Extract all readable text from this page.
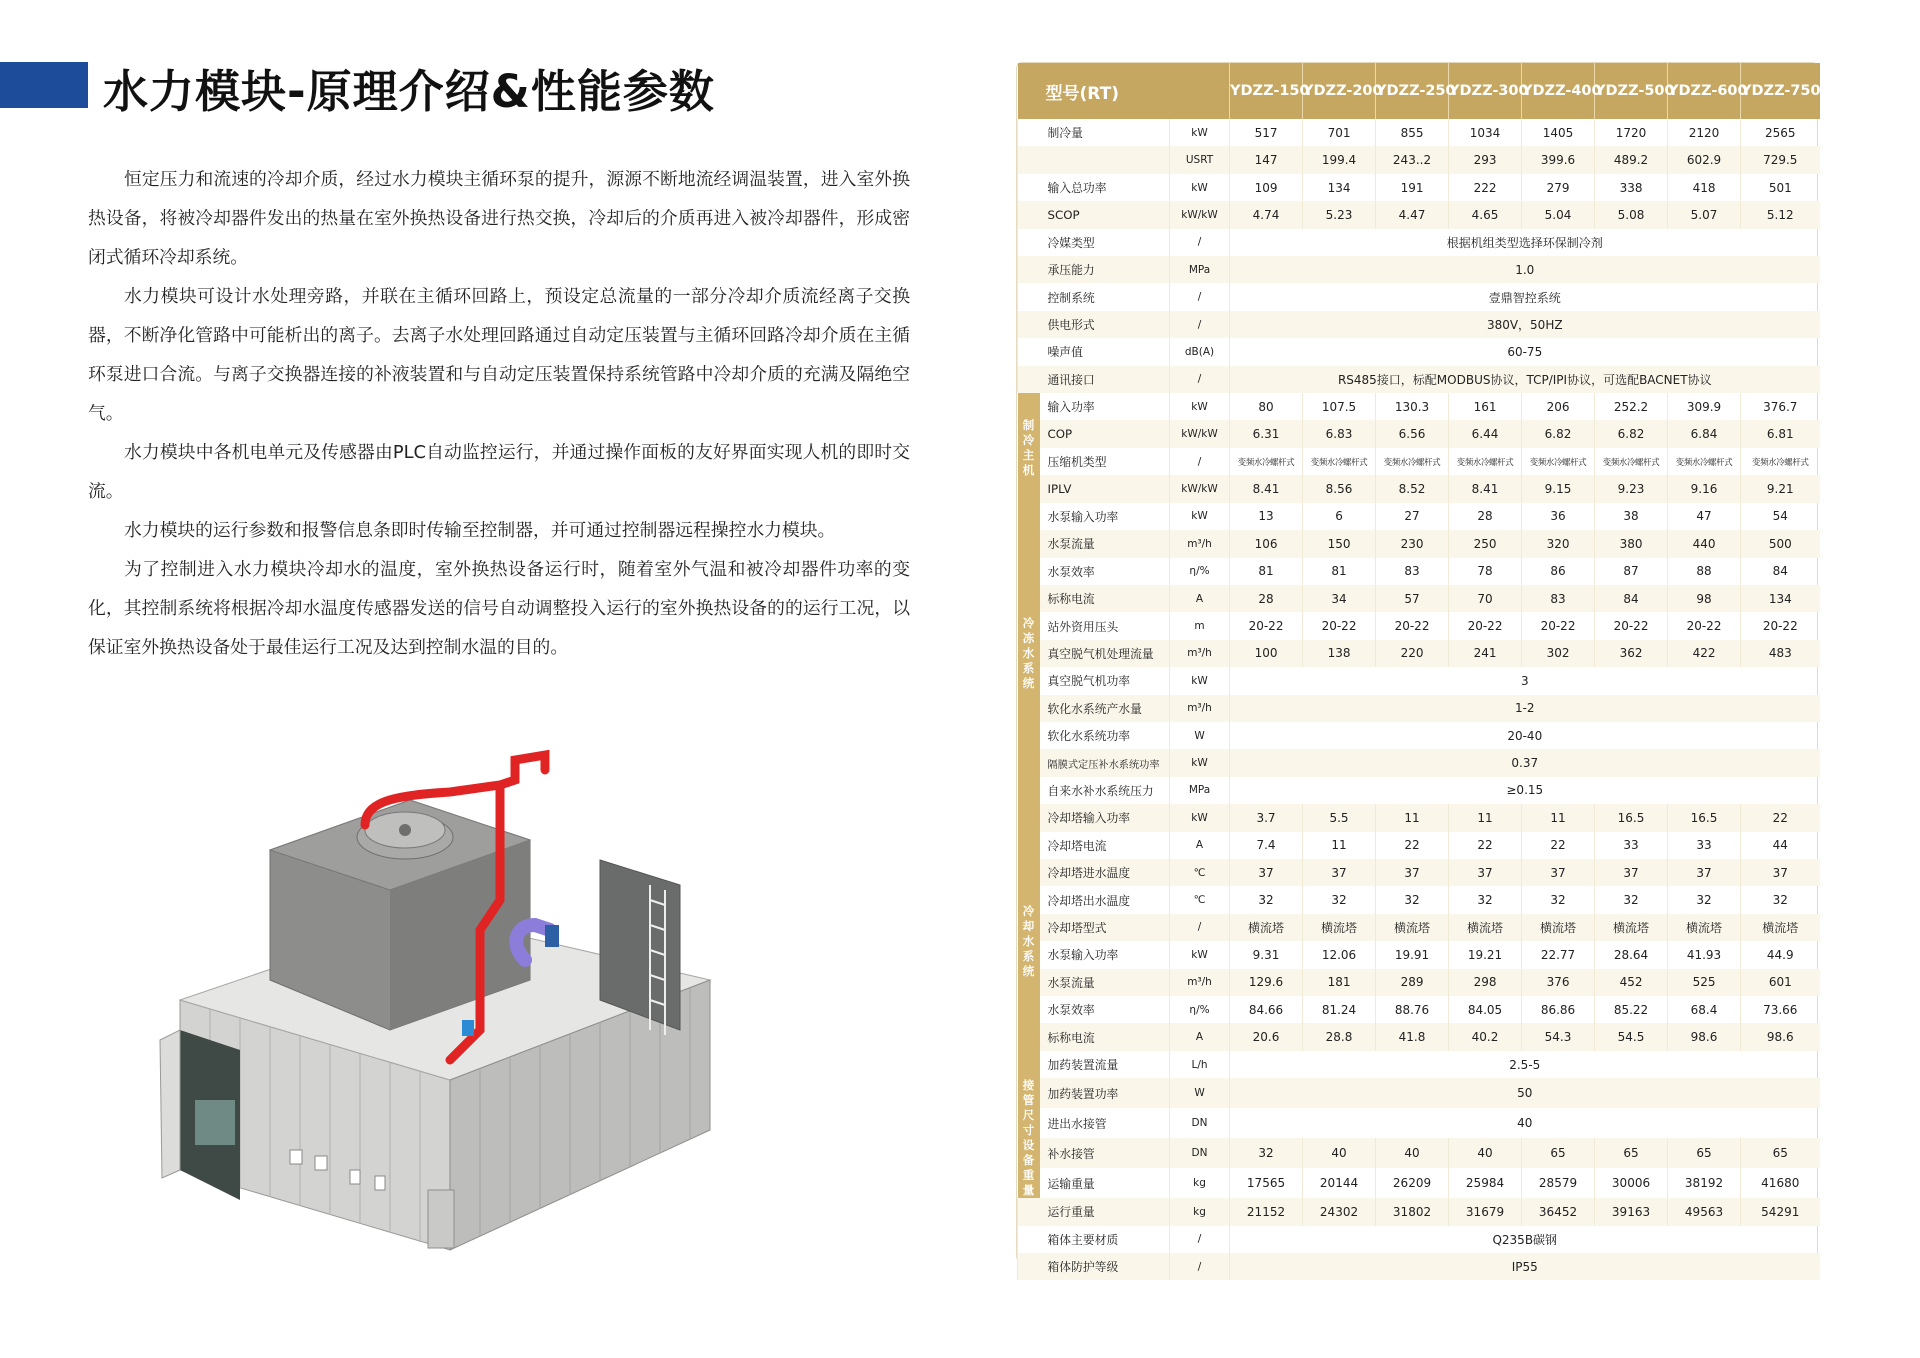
水力模块-原理介绍&性能参数

恒定压力和流速的冷却介质，经过水力模块主循环泵的提升，源源不断地流经调温装置，进入室外换热设备，将被冷却器件发出的热量在室外换热设备进行热交换，冷却后的介质再进入被冷却器件，形成密闭式循环冷却系统。

水力模块可设计水处理旁路，并联在主循环回路上，预设定总流量的一部分冷却介质流经离子交换器，不断净化管路中可能析出的离子。去离子水处理回路通过自动定压装置与主循环回路冷却介质在主循环泵进口合流。与离子交换器连接的补液装置和与自动定压装置保持系统管路中冷却介质的充满及隔绝空气。

水力模块中各机电单元及传感器由PLC自动监控运行，并通过操作面板的友好界面实现人机的即时交流。

水力模块的运行参数和报警信息条即时传输至控制器，并可通过控制器远程操控水力模块。

为了控制进入水力模块冷却水的温度，室外换热设备运行时，随着室外气温和被冷却器件功率的变化，其控制系统将根据冷却水温度传感器发送的信号自动调整投入运行的室外换热设备的的运行工况，以保证室外换热设备处于最佳运行工况及达到控制水温的目的。

型号(RT)			YDZZ-150	YDZZ-200	YDZZ-250	YDZZ-300	YDZZ-400	YDZZ-500	YDZZ-600	YDZZ-750
	制冷量	kW	517	701	855	1034	1405	1720	2120	2565
		USRT	147	199.4	243..2	293	399.6	489.2	602.9	729.5
	输入总功率	kW	109	134	191	222	279	338	418	501
	SCOP	kW/kW	4.74	5.23	4.47	4.65	5.04	5.08	5.07	5.12
	冷媒类型	/	根据机组类型选择环保制冷剂							
	承压能力	MPa	1.0							
	控制系统	/	壹鼎智控系统							
	供电形式	/	380V，50HZ							
	噪声值	dB(A)	60-75							
	通讯接口	/	RS485接口，标配MODBUS协议，TCP/IPI协议，可选配BACNET协议							
制冷主机	输入功率	kW	80	107.5	130.3	161	206	252.2	309.9	376.7
	COP	kW/kW	6.31	6.83	6.56	6.44	6.82	6.82	6.84	6.81
	压缩机类型	/	变频水冷螺杆式	变频水冷螺杆式	变频水冷螺杆式	变频水冷螺杆式	变频水冷螺杆式	变频水冷螺杆式	变频水冷螺杆式	变频水冷螺杆式
	IPLV	kW/kW	8.41	8.56	8.52	8.41	9.15	9.23	9.16	9.21
冷冻水系统	水泵输入功率	kW	13	6	27	28	36	38	47	54
	水泵流量	m³/h	106	150	230	250	320	380	440	500
	水泵效率	η/%	81	81	83	78	86	87	88	84
	标称电流	A	28	34	57	70	83	84	98	134
	站外资用压头	m	20-22	20-22	20-22	20-22	20-22	20-22	20-22	20-22
	真空脱气机处理流量	m³/h	100	138	220	241	302	362	422	483
	真空脱气机功率	kW	3							
	软化水系统产水量	m³/h	1-2							
	软化水系统功率	W	20-40							
	隔膜式定压补水系统功率	kW	0.37							
	自来水补水系统压力	MPa	≥0.15							
冷却水系统	冷却塔输入功率	kW	3.7	5.5	11	11	11	16.5	16.5	22
	冷却塔电流	A	7.4	11	22	22	22	33	33	44
	冷却塔进水温度	℃	37	37	37	37	37	37	37	37
	冷却塔出水温度	℃	32	32	32	32	32	32	32	32
	冷却塔型式	/	横流塔	横流塔	横流塔	横流塔	横流塔	横流塔	横流塔	横流塔
	水泵输入功率	kW	9.31	12.06	19.91	19.21	22.77	28.64	41.93	44.9
	水泵流量	m³/h	129.6	181	289	298	376	452	525	601
	水泵效率	η/%	84.66	81.24	88.76	84.05	86.86	85.22	68.4	73.66
	标称电流	A	20.6	28.8	41.8	40.2	54.3	54.5	98.6	98.6
	加药装置流量	L/h	2.5-5							
接管尺寸	加药装置功率	W	50							
	进出水接管	DN	40							
设备重量	补水接管	DN	32	40	40	40	65	65	65	65
	运输重量	kg	17565	20144	26209	25984	28579	30006	38192	41680
	运行重量	kg	21152	24302	31802	31679	36452	39163	49563	54291
	箱体主要材质	/	Q235B碳钢							
	箱体防护等级	/	IP55							
